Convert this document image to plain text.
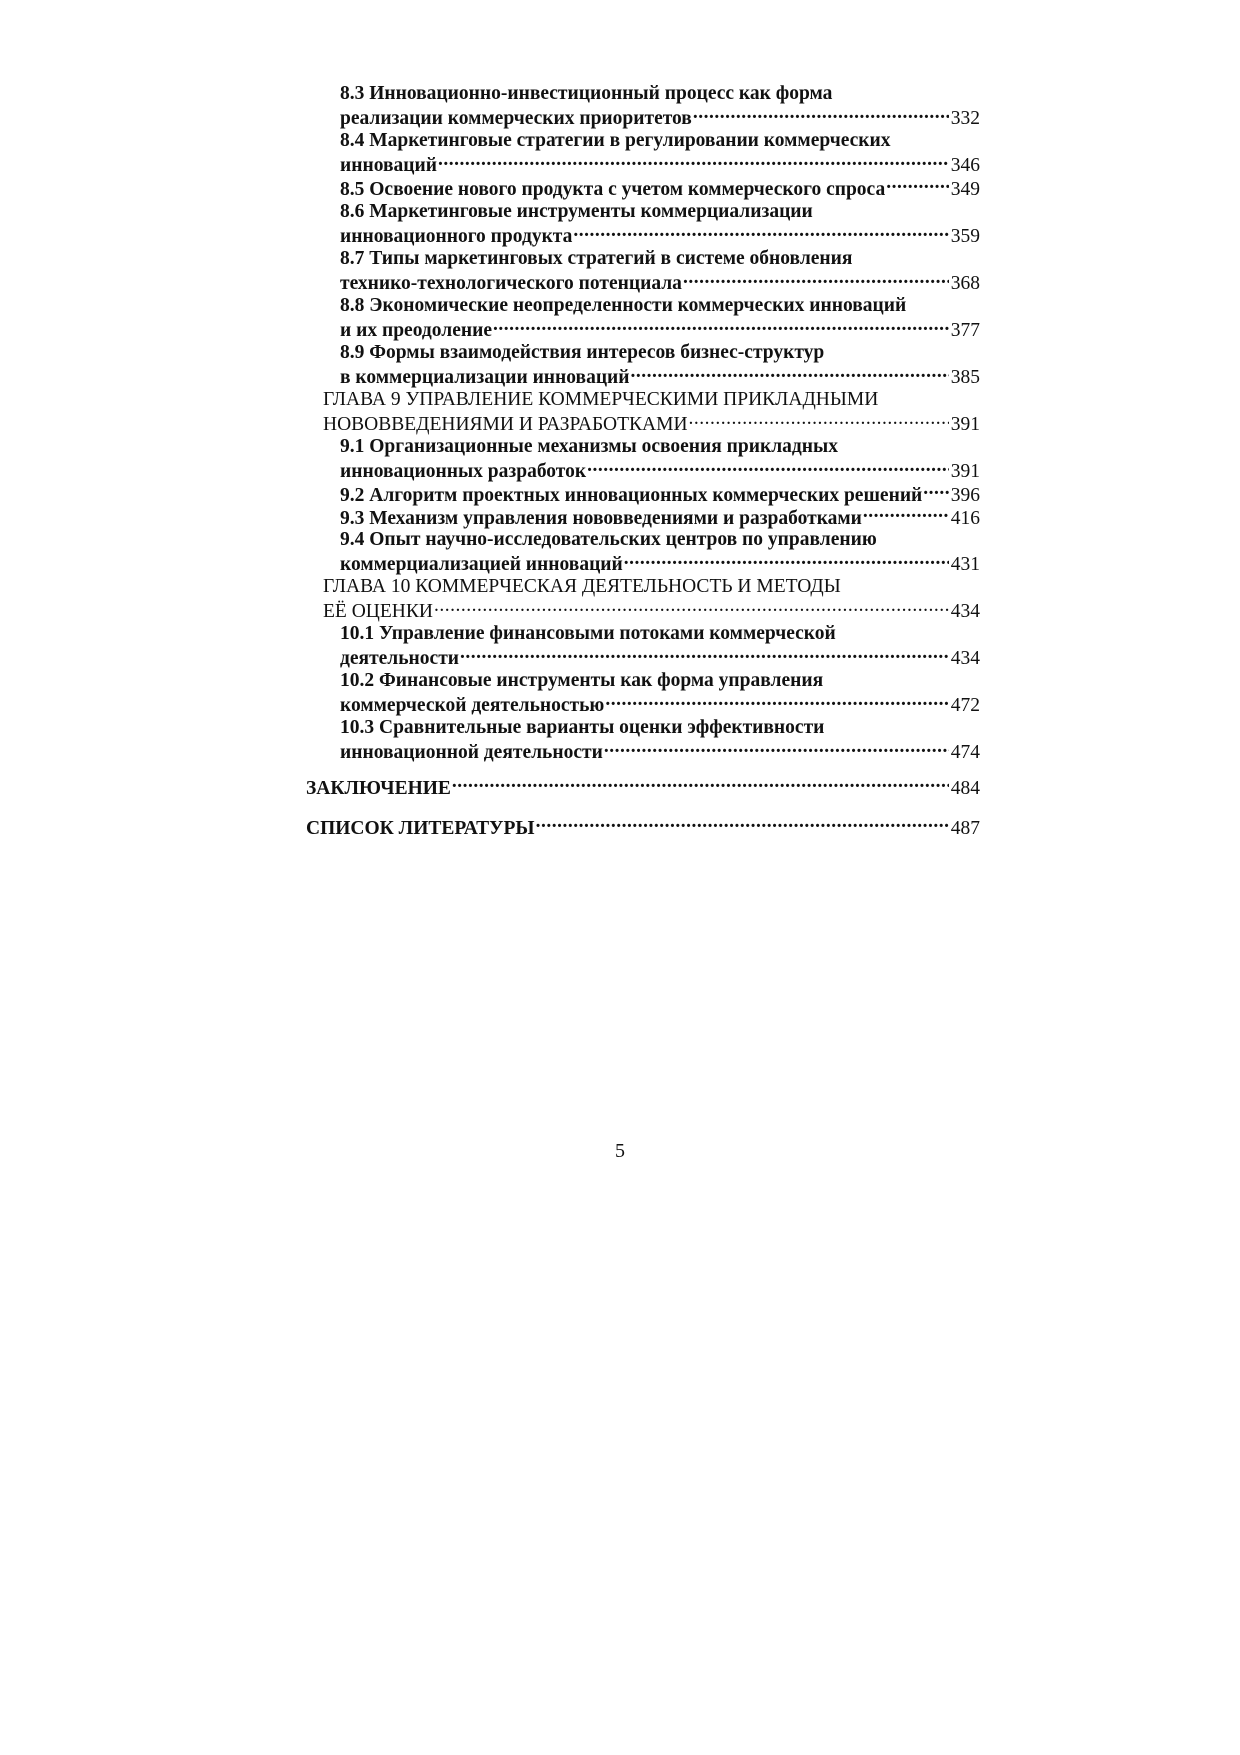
8.3 Инновационно-инвестиционный процесс как форма
реализации коммерческих приоритетов .....	332
8.4 Маркетинговые стратегии в регулировании коммерческих
инноваций .....	346
8.5 Освоение нового продукта с учетом коммерческого спроса .....	349
8.6 Маркетинговые инструменты коммерциализации
инновационного продукта .....	359
8.7 Типы маркетинговых стратегий в системе обновления
технико-технологического потенциала .....	368
8.8 Экономические неопределенности коммерческих инноваций
и их преодоление .....	377
8.9 Формы взаимодействия интересов бизнес-структур
в коммерциализации инноваций .....	385
ГЛАВА 9 УПРАВЛЕНИЕ КОММЕРЧЕСКИМИ ПРИКЛАДНЫМИ
НОВОВВЕДЕНИЯМИ И РАЗРАБОТКАМИ .....	391
9.1 Организационные механизмы освоения прикладных
инновационных разработок .....	391
9.2 Алгоритм проектных инновационных коммерческих решений ..... 396
9.3 Механизм управления нововведениями и разработками .....	416
9.4 Опыт научно-исследовательских центров по управлению
коммерциализацией инноваций .....	431
ГЛАВА 10 КОММЕРЧЕСКАЯ ДЕЯТЕЛЬНОСТЬ И МЕТОДЫ
ЕЁ ОЦЕНКИ .....	434
10.1 Управление финансовыми потоками коммерческой
деятельности .....	434
10.2 Финансовые инструменты как форма управления
коммерческой деятельностью .....	472
10.3 Сравнительные варианты оценки эффективности
инновационной деятельности .....	474
ЗАКЛЮЧЕНИЕ .....	484
СПИСОК ЛИТЕРАТУРЫ .....	487
5
